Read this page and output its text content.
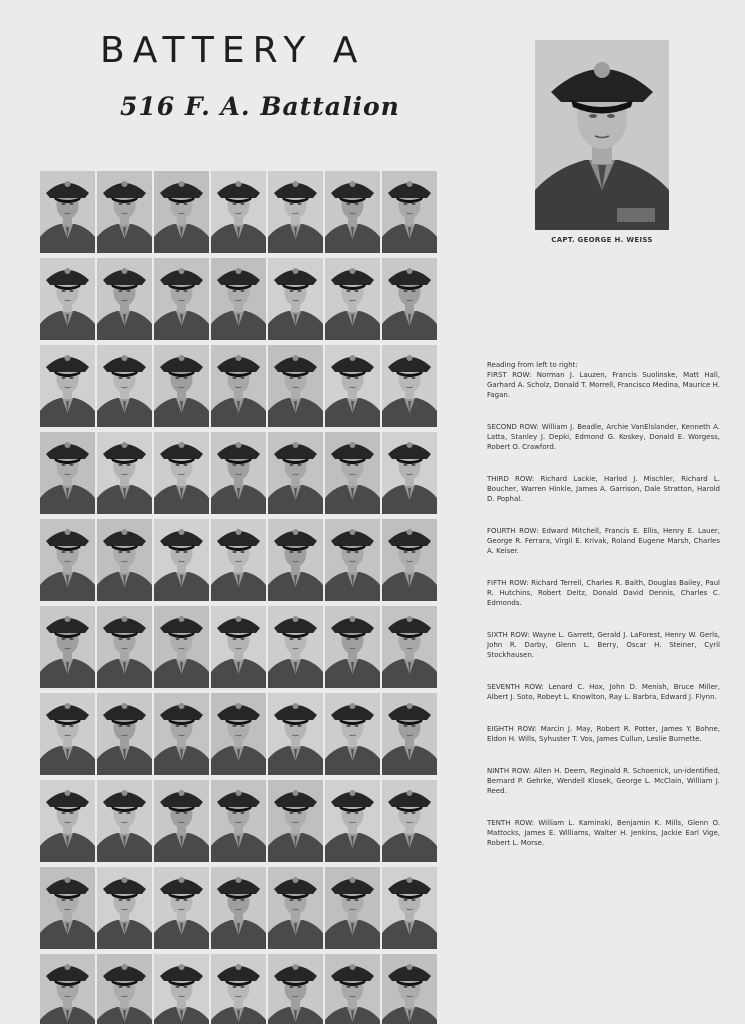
BATTERY A
516 F. A. Battalion
CAPT. GEORGE H. WEISS

Reading from left to right:

FIRST ROW: Norman J. Lauzen, Francis Suolinske, Matt Hall, Garhard A. Scholz, Donald T. Morrell, Francisco Medina, Maurice H. Fagan.

SECOND ROW: William J. Beadle, Archie VanElslander, Kenneth A. Latta, Stanley J. Depki, Edmond G. Koskey, Donald E. Worgess, Robert O. Crawford.

THIRD ROW: Richard Lackie, Harlod J. Mischler, Richard L. Boucher, Warren Hinkle, James A. Garrison, Dale Stratton, Harold D. Pophal.

FOURTH ROW: Edward Mitchell, Francis E. Ellis, Henry E. Lauer, George R. Ferrara, Virgil E. Krivak, Roland Eugene Marsh, Charles A. Keiser.

FIFTH ROW: Richard Terrell, Charles R. Baith, Douglas Bailey, Paul R. Hutchins, Robert Deitz, Donald David Dennis, Charles C. Edmonds.

SIXTH ROW: Wayne L. Garrett, Gerald J. LaForest, Henry W. Gerls, John R. Darby, Glenn L. Berry, Oscar H. Steiner, Cyril Stockhausen.

SEVENTH ROW: Lenard C. Hox, John D. Menish, Bruce Miller, Albert J. Soto, Robeyt L. Knowlton, Ray L. Barbra, Edward J. Flynn.

EIGHTH ROW: Marcin J. May, Robert R. Potter, James Y. Bohne, Eldon H. Wills, Syhuster T. Vos, James Cullun, Leslie Burnette.

NINTH ROW: Allen H. Deem, Reginald R. Schoenick, un-identified, Bernard P. Gehrke, Wendell Klosek, George L. McClain, William J. Reed.

TENTH ROW: William L. Kaminski, Benjamin K. Mills, Glenn O. Mattocks, James E. Williams, Walter H. Jenkins, Jackie Earl Vige, Robert L. Morse.
